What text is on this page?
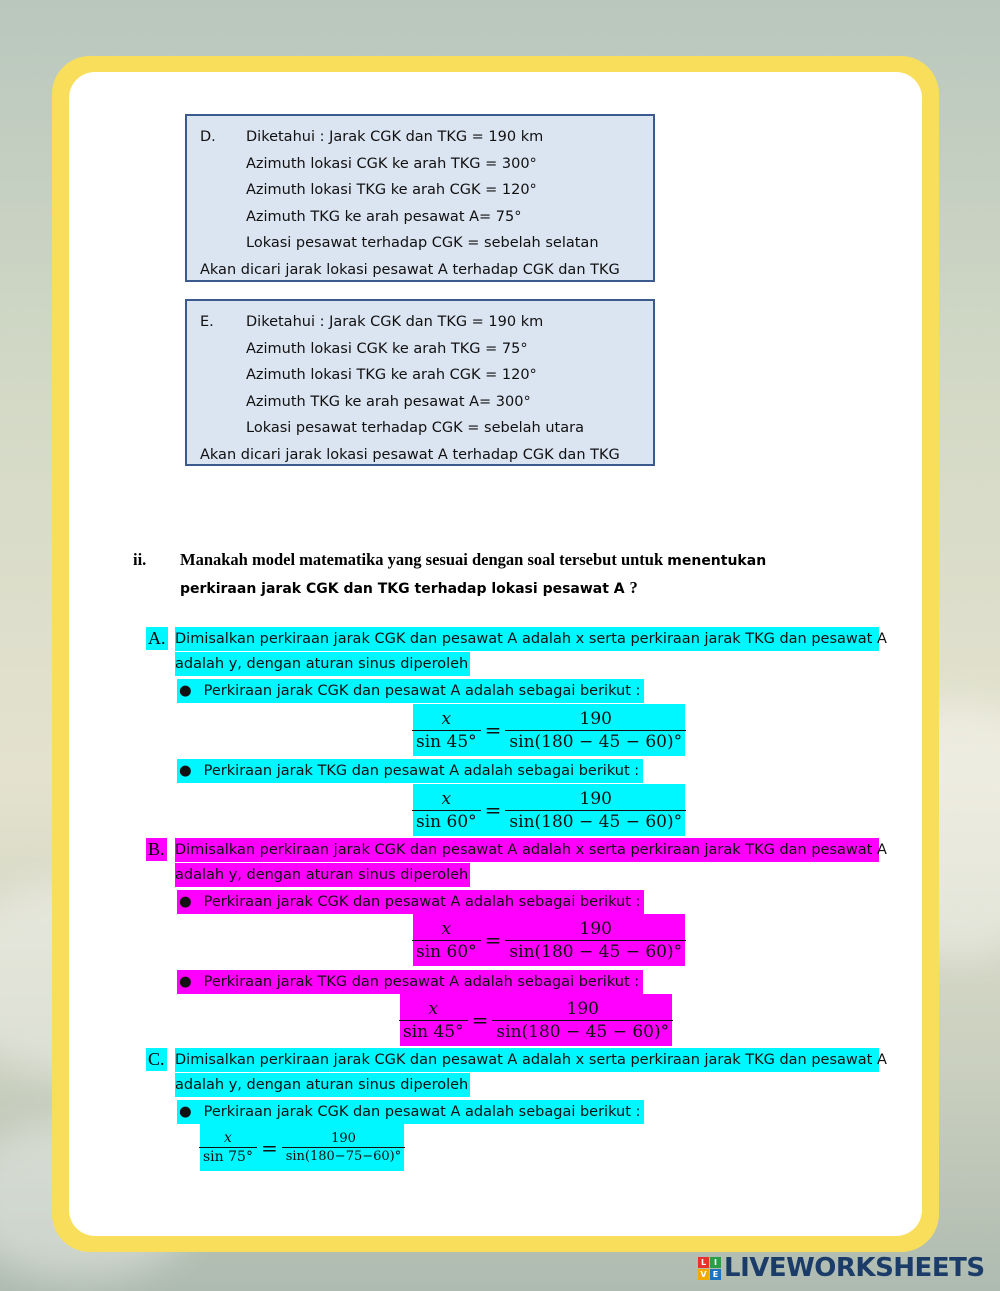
D. Diketahui : Jarak CGK dan TKG = 190 km
Azimuth lokasi CGK ke arah TKG = 300°
Azimuth lokasi TKG ke arah CGK = 120°
Azimuth TKG ke arah pesawat A= 75°
Lokasi pesawat terhadap CGK = sebelah selatan
Akan dicari jarak lokasi pesawat A terhadap CGK dan TKG
E. Diketahui : Jarak CGK dan TKG = 190 km
Azimuth lokasi CGK ke arah TKG = 75°
Azimuth lokasi TKG ke arah CGK = 120°
Azimuth TKG ke arah pesawat A= 300°
Lokasi pesawat terhadap CGK = sebelah utara
Akan dicari jarak lokasi pesawat A terhadap CGK dan TKG
ii. Manakah model matematika yang sesuai dengan soal tersebut untuk menentukan
perkiraan jarak CGK dan TKG terhadap lokasi pesawat A ?
A. Dimisalkan perkiraan jarak CGK dan pesawat A adalah x serta perkiraan jarak TKG dan pesawat A
adalah y, dengan aturan sinus diperoleh
● Perkiraan jarak CGK dan pesawat A adalah sebagai berikut :
$\frac{x}{\sin 45^\circ} = \frac{190}{\sin(180 - 45 - 60)^\circ}$
● Perkiraan jarak TKG dan pesawat A adalah sebagai berikut :
$\frac{x}{\sin 60^\circ} = \frac{190}{\sin(180 - 45 - 60)^\circ}$
B. Dimisalkan perkiraan jarak CGK dan pesawat A adalah x serta perkiraan jarak TKG dan pesawat A
adalah y, dengan aturan sinus diperoleh
● Perkiraan jarak CGK dan pesawat A adalah sebagai berikut :
$\frac{x}{\sin 60^\circ} = \frac{190}{\sin(180 - 45 - 60)^\circ}$
● Perkiraan jarak TKG dan pesawat A adalah sebagai berikut :
$\frac{x}{\sin 45^\circ} = \frac{190}{\sin(180 - 45 - 60)^\circ}$
C. Dimisalkan perkiraan jarak CGK dan pesawat A adalah x serta perkiraan jarak TKG dan pesawat A
adalah y, dengan aturan sinus diperoleh
● Perkiraan jarak CGK dan pesawat A adalah sebagai berikut :
$\frac{x}{\sin 75^\circ} = \frac{190}{\sin(180-75-60)^\circ}$
L I
V E LIVEWORKSHEETS
